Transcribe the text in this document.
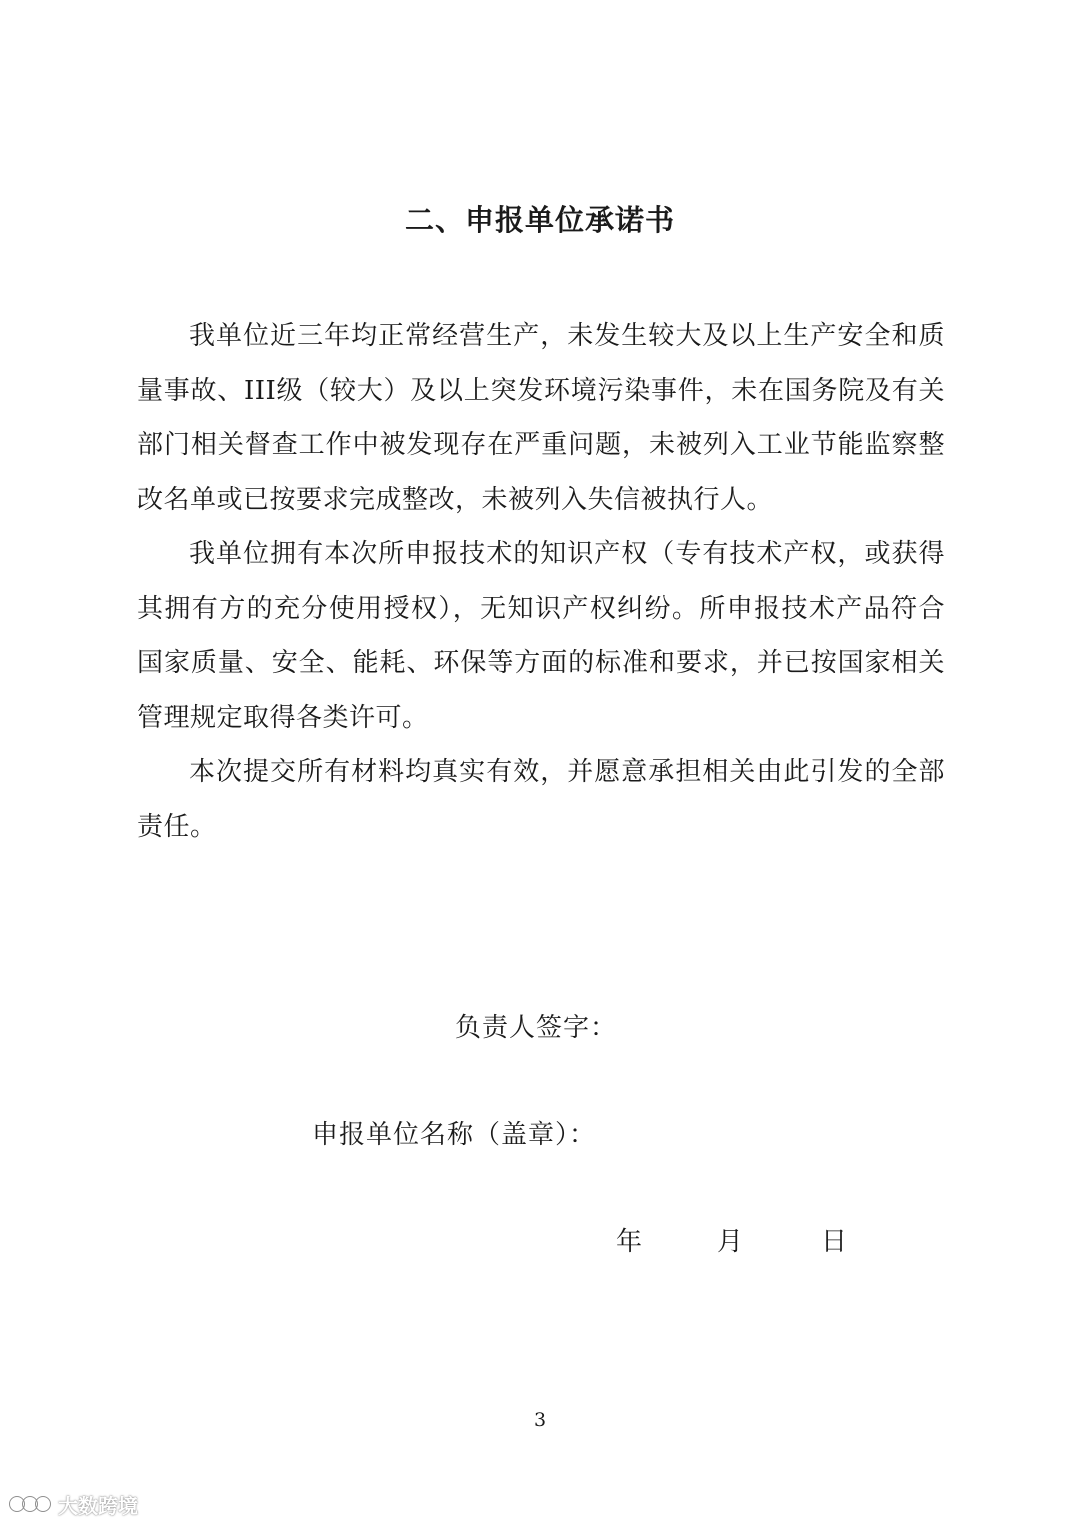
二、申报单位承诺书

我单位近三年均正常经营生产，未发生较大及以上生产安全和质量事故、III级（较大）及以上突发环境污染事件，未在国务院及有关部门相关督查工作中被发现存在严重问题，未被列入工业节能监察整改名单或已按要求完成整改，未被列入失信被执行人。

我单位拥有本次所申报技术的知识产权（专有技术产权，或获得其拥有方的充分使用授权），无知识产权纠纷。所申报技术产品符合国家质量、安全、能耗、环保等方面的标准和要求，并已按国家相关管理规定取得各类许可。

本次提交所有材料均真实有效，并愿意承担相关由此引发的全部责任。

负责人签字：
申报单位名称（盖章）：
年	月	日
3
大数跨境
